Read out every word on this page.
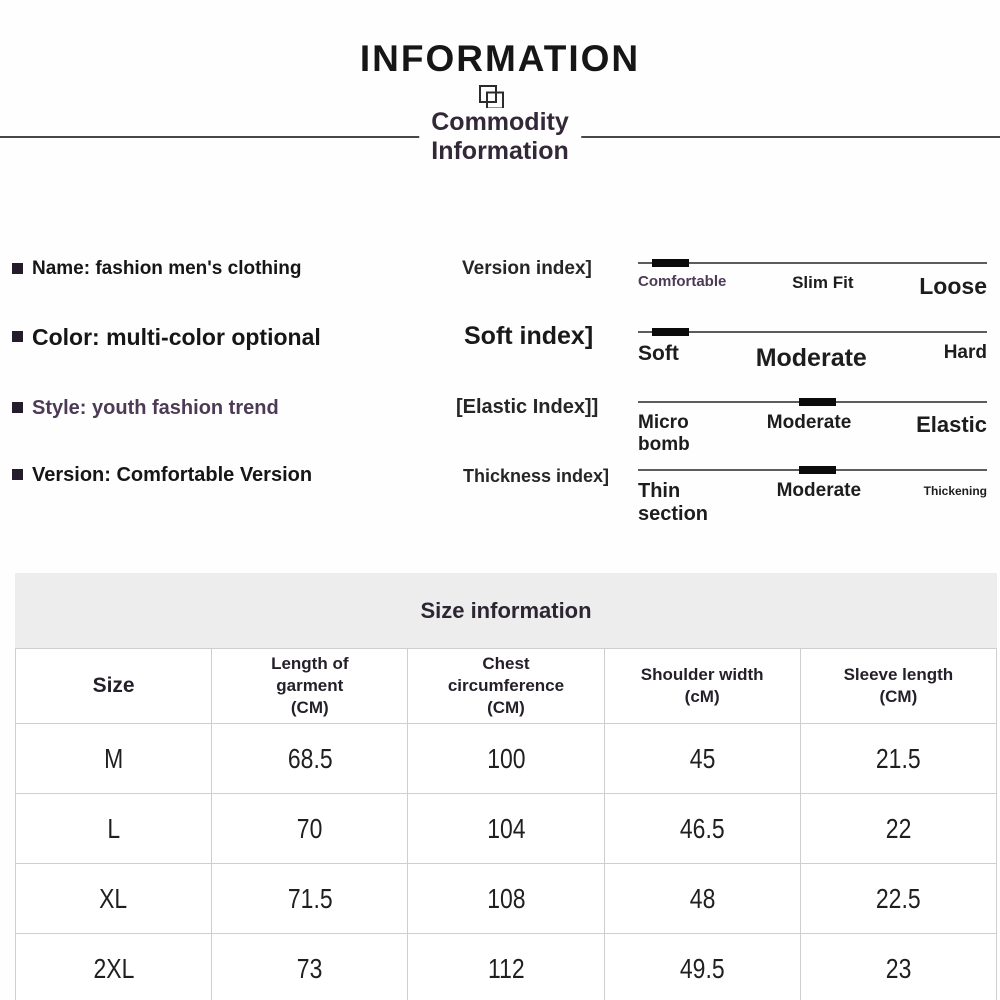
INFORMATION
Commodity
Information
Name: fashion men's clothing
Color: multi-color optional
Style: youth fashion trend
Version: Comfortable Version
Version index]
Soft index]
[Elastic Index]]
Thickness index]
Comfortable	Slim Fit	Loose
Soft	Moderate	Hard
Micro bomb
Moderate	Elastic
Thin section
Moderate	Thickening
Size information
Size	Length of garment (CM)	Chest circumference (CM)	Shoulder width (cM)	Sleeve length (CM)
M	68.5	100	45	21.5
L	70	104	46.5	22
XL	71.5	108	48	22.5
2XL	73	112	49.5	23
